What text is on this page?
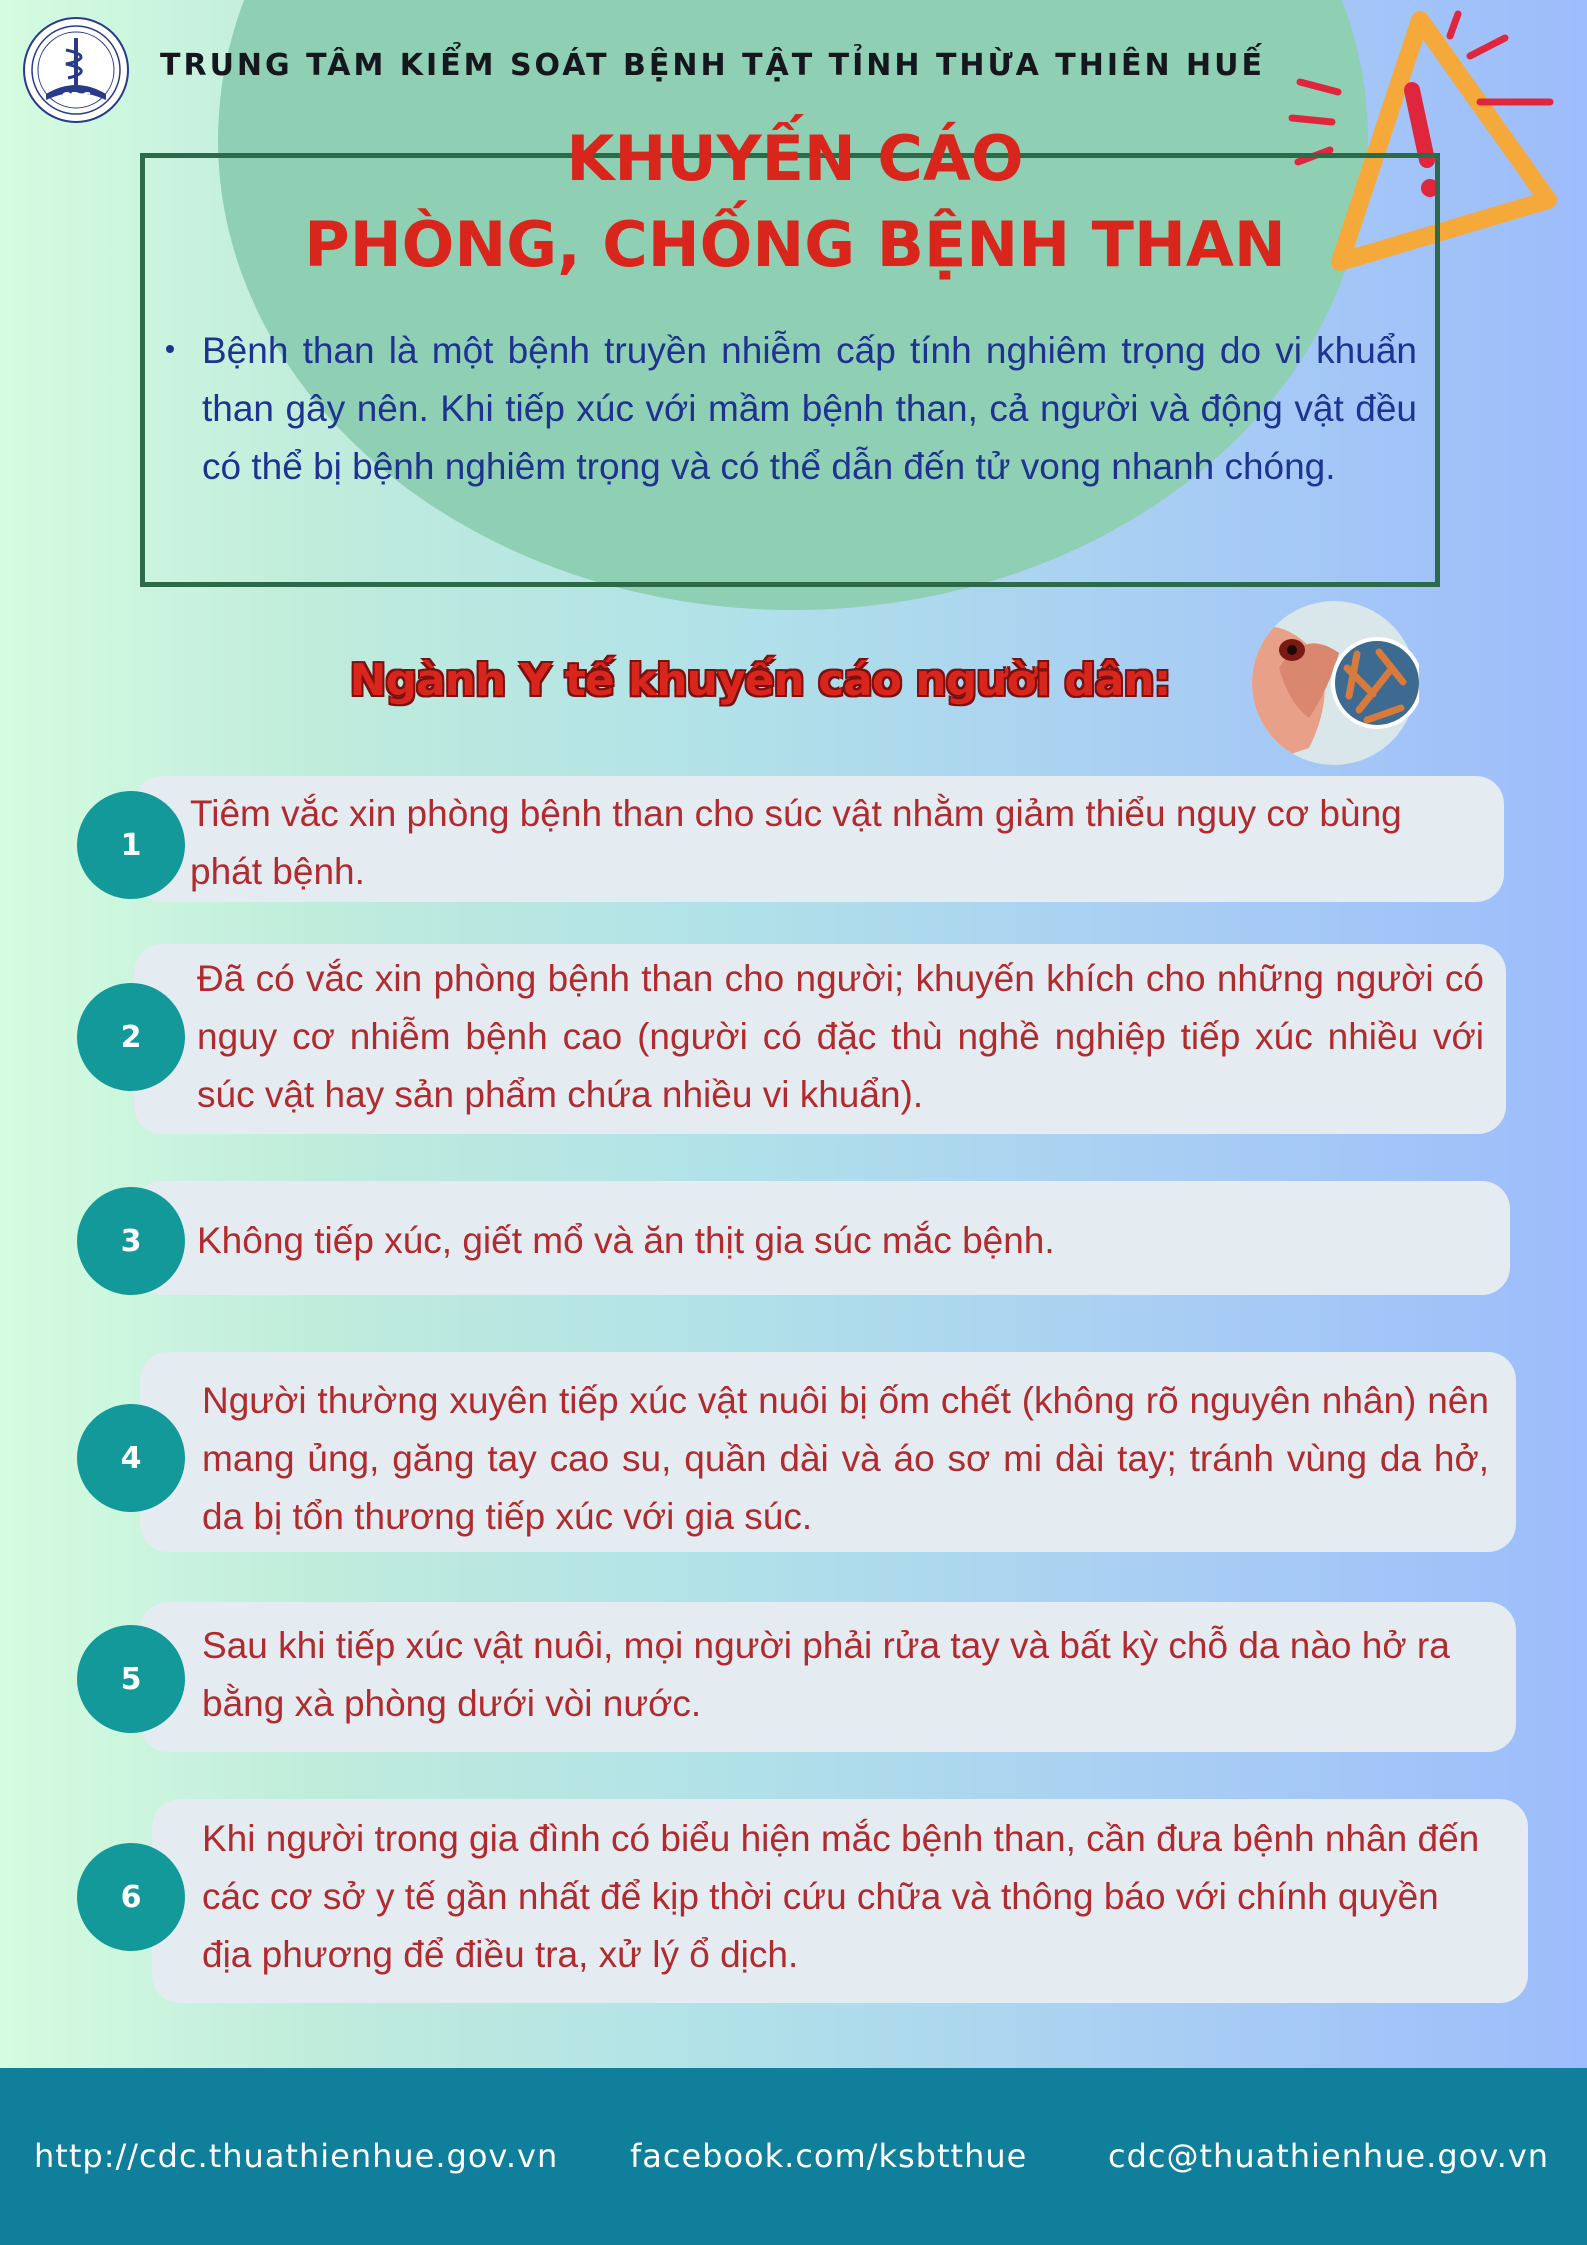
CDC
TRUNG TÂM KIỂM SOÁT BỆNH TẬT TỈNH THỪA THIÊN HUẾ
KHUYẾN CÁO
PHÒNG, CHỐNG BỆNH THAN
Bệnh than là một bệnh truyền nhiễm cấp tính nghiêm trọng do vi khuẩn than gây nên. Khi tiếp xúc với mầm bệnh than, cả người và động vật đều có thể bị bệnh nghiêm trọng và có thể dẫn đến tử vong nhanh chóng.
Ngành Y tế khuyến cáo người dân:
1
Tiêm vắc xin phòng bệnh than cho súc vật nhằm giảm thiểu nguy cơ bùng phát bệnh.
2
Đã có vắc xin phòng bệnh than cho người; khuyến khích cho những người có nguy cơ nhiễm bệnh cao (người có đặc thù nghề nghiệp tiếp xúc nhiều với súc vật hay sản phẩm chứa nhiều vi khuẩn).
3	Không tiếp xúc, giết mổ và ăn thịt gia súc mắc bệnh.
4
Người thường xuyên tiếp xúc vật nuôi bị ốm chết (không rõ nguyên nhân) nên mang ủng, găng tay cao su, quần dài và áo sơ mi dài tay; tránh vùng da hở, da bị tổn thương tiếp xúc với gia súc.
5
Sau khi tiếp xúc vật nuôi, mọi người phải rửa tay và bất kỳ chỗ da nào hở ra bằng xà phòng dưới vòi nước.
6
Khi người trong gia đình có biểu hiện mắc bệnh than, cần đưa bệnh nhân đến các cơ sở y tế gần nhất để kịp thời cứu chữa và thông báo với chính quyền địa phương để điều tra, xử lý ổ dịch.
http://cdc.thuathienhue.gov.vn facebook.com/ksbtthue	cdc@thuathienhue.gov.vn
